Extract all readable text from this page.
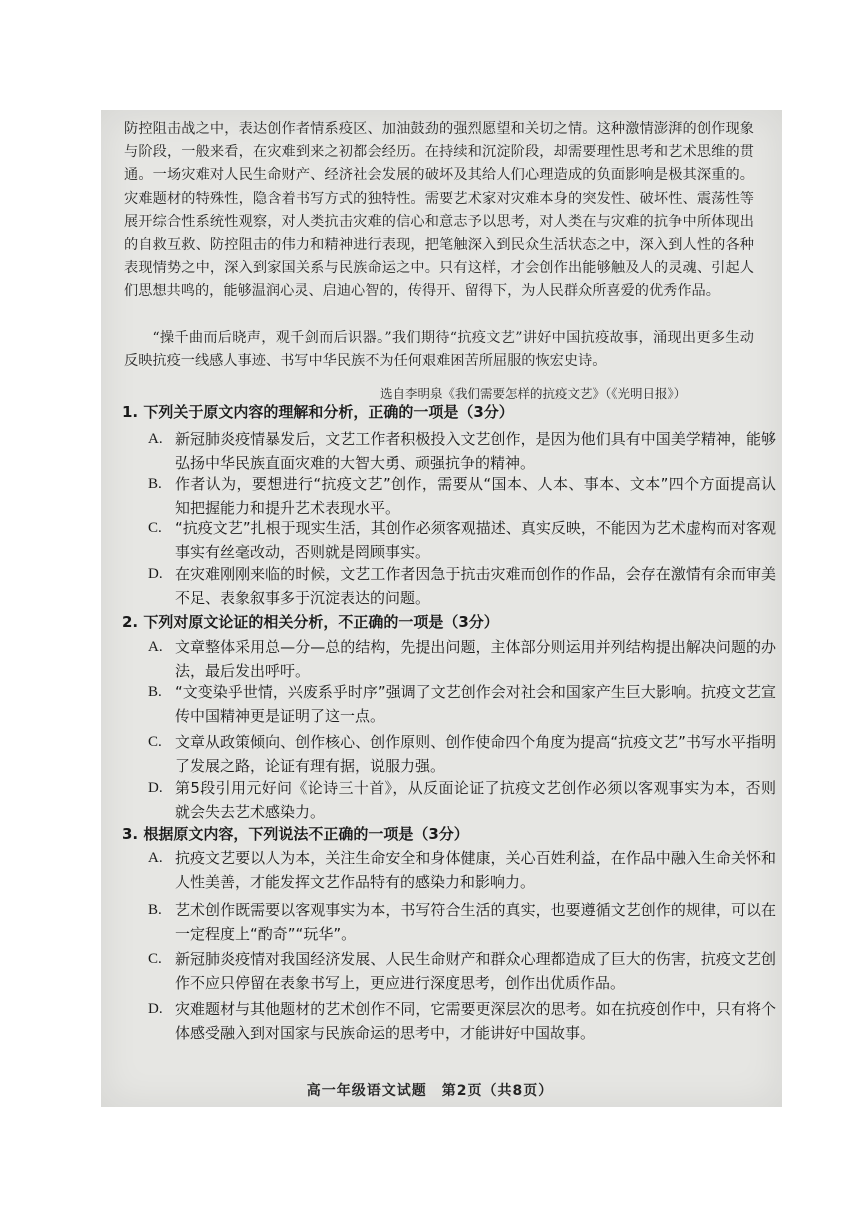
防控阻击战之中，表达创作者情系疫区、加油鼓劲的强烈愿望和关切之情。这种激情澎湃的创作现象与阶段，一般来看，在灾难到来之初都会经历。在持续和沉淀阶段，却需要理性思考和艺术思维的贯通。一场灾难对人民生命财产、经济社会发展的破坏及其给人们心理造成的负面影响是极其深重的。灾难题材的特殊性，隐含着书写方式的独特性。需要艺术家对灾难本身的突发性、破坏性、震荡性等展开综合性系统性观察，对人类抗击灾难的信心和意志予以思考，对人类在与灾难的抗争中所体现出的自救互救、防控阻击的伟力和精神进行表现，把笔触深入到民众生活状态之中，深入到人性的各种表现情势之中，深入到家国关系与民族命运之中。只有这样，才会创作出能够触及人的灵魂、引起人们思想共鸣的，能够温润心灵、启迪心智的，传得开、留得下，为人民群众所喜爱的优秀作品。

“操千曲而后晓声，观千剑而后识器。”我们期待“抗疫文艺”讲好中国抗疫故事，涌现出更多生动反映抗疫一线感人事迹、书写中华民族不为任何艰难困苦所屈服的恢宏史诗。

选自李明泉《我们需要怎样的抗疫文艺》（《光明日报》）
1. 下列关于原文内容的理解和分析，正确的一项是（3分）
A. 新冠肺炎疫情暴发后，文艺工作者积极投入文艺创作，是因为他们具有中国美学精神，能够弘扬中华民族直面灾难的大智大勇、顽强抗争的精神。
B. 作者认为，要想进行“抗疫文艺”创作，需要从“国本、人本、事本、文本”四个方面提高认知把握能力和提升艺术表现水平。
C. “抗疫文艺”扎根于现实生活，其创作必须客观描述、真实反映，不能因为艺术虚构而对客观事实有丝毫改动，否则就是罔顾事实。
D. 在灾难刚刚来临的时候，文艺工作者因急于抗击灾难而创作的作品，会存在激情有余而审美不足、表象叙事多于沉淀表达的问题。
2. 下列对原文论证的相关分析，不正确的一项是（3分）
A. 文章整体采用总—分—总的结构，先提出问题，主体部分则运用并列结构提出解决问题的办法，最后发出呼吁。
B. “文变染乎世情，兴废系乎时序”强调了文艺创作会对社会和国家产生巨大影响。抗疫文艺宣传中国精神更是证明了这一点。
C. 文章从政策倾向、创作核心、创作原则、创作使命四个角度为提高“抗疫文艺”书写水平指明了发展之路，论证有理有据，说服力强。
D. 第5段引用元好问《论诗三十首》，从反面论证了抗疫文艺创作必须以客观事实为本，否则就会失去艺术感染力。
3. 根据原文内容，下列说法不正确的一项是（3分）
A. 抗疫文艺要以人为本，关注生命安全和身体健康，关心百姓利益，在作品中融入生命关怀和人性美善，才能发挥文艺作品特有的感染力和影响力。
B. 艺术创作既需要以客观事实为本，书写符合生活的真实，也要遵循文艺创作的规律，可以在一定程度上“酌奇”“玩华”。
C. 新冠肺炎疫情对我国经济发展、人民生命财产和群众心理都造成了巨大的伤害，抗疫文艺创作不应只停留在表象书写上，更应进行深度思考，创作出优质作品。
D. 灾难题材与其他题材的艺术创作不同，它需要更深层次的思考。如在抗疫创作中，只有将个体感受融入到对国家与民族命运的思考中，才能讲好中国故事。
高一年级语文试题　第2页（共8页）
